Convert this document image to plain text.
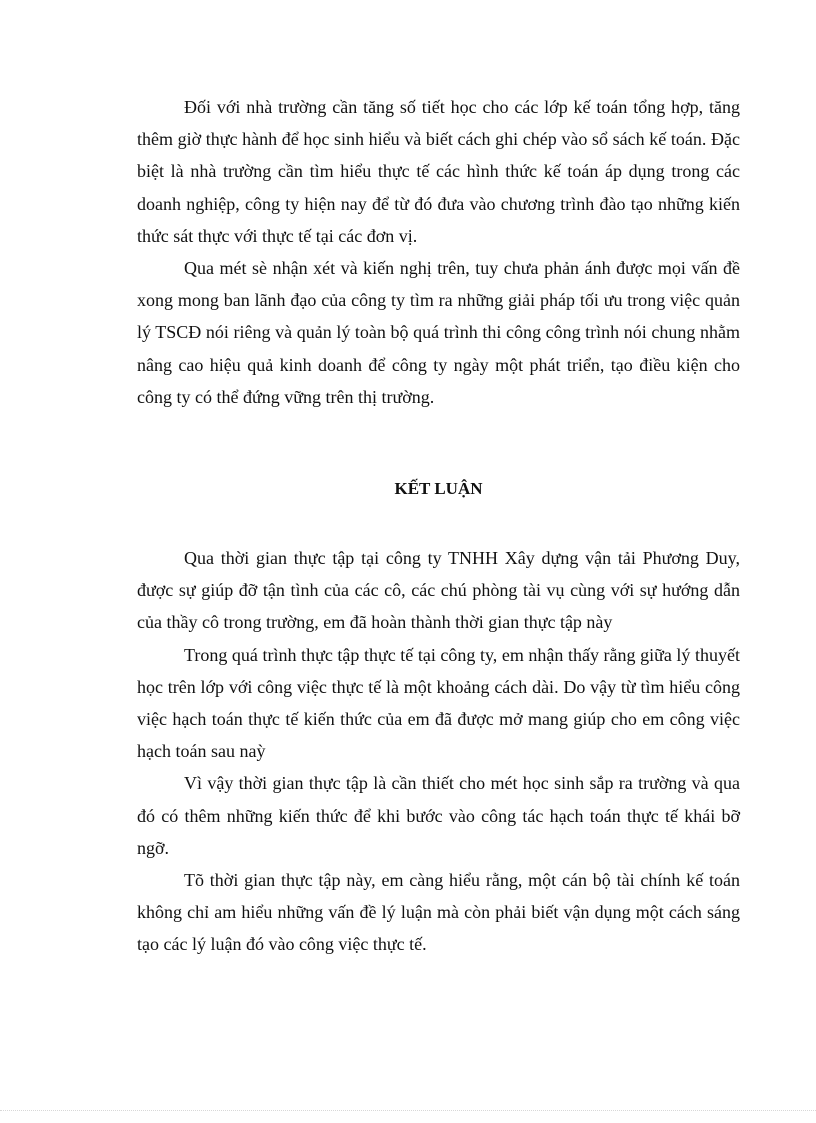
Đối với nhà trường cần tăng số tiết học cho các lớp kế toán tổng hợp, tăng thêm giờ thực hành để học sinh hiểu và biết cách ghi chép vào sổ sách kế toán. Đặc biệt là nhà trường cần tìm hiểu thực tế các hình thức kế toán áp dụng trong các doanh nghiệp, công ty hiện nay để từ đó đưa vào chương trình đào tạo những kiến thức sát thực với thực tế tại các đơn vị.

Qua mét sè nhận xét và kiến nghị trên, tuy chưa phản ánh được mọi vấn đề xong mong ban lãnh đạo của công ty tìm ra những giải pháp tối ưu trong việc quản lý TSCĐ nói riêng và quản lý toàn bộ quá trình thi công công trình nói chung nhằm nâng cao hiệu quả kinh doanh để công ty ngày một phát triển, tạo điều kiện cho công ty có thể đứng vững trên thị trường.

KẾT LUẬN

Qua thời gian thực tập tại công ty TNHH Xây dựng vận tải Phương Duy, được sự giúp đỡ tận tình của các cô, các chú phòng tài vụ cùng với sự hướng dẫn của thầy cô trong trường, em đã hoàn thành thời gian thực tập này

Trong quá trình thực tập thực tế tại công ty, em nhận thấy rằng giữa lý thuyết học trên lớp với công việc thực tế là một khoảng cách dài. Do vậy từ tìm hiểu công việc hạch toán thực tế kiến thức của em đã được mở mang giúp cho em công việc hạch toán sau naỳ

Vì vậy thời gian thực tập là cần thiết cho mét học sinh sắp ra trường và qua đó có thêm những kiến thức để khi bước vào công tác hạch toán thực tế khái bỡ ngỡ.

Tõ thời gian thực tập này, em càng hiểu rằng, một cán bộ tài chính kế toán không chỉ am hiểu những vấn đề lý luận mà còn phải biết vận dụng một cách sáng tạo các lý luận đó vào công việc thực tế.
